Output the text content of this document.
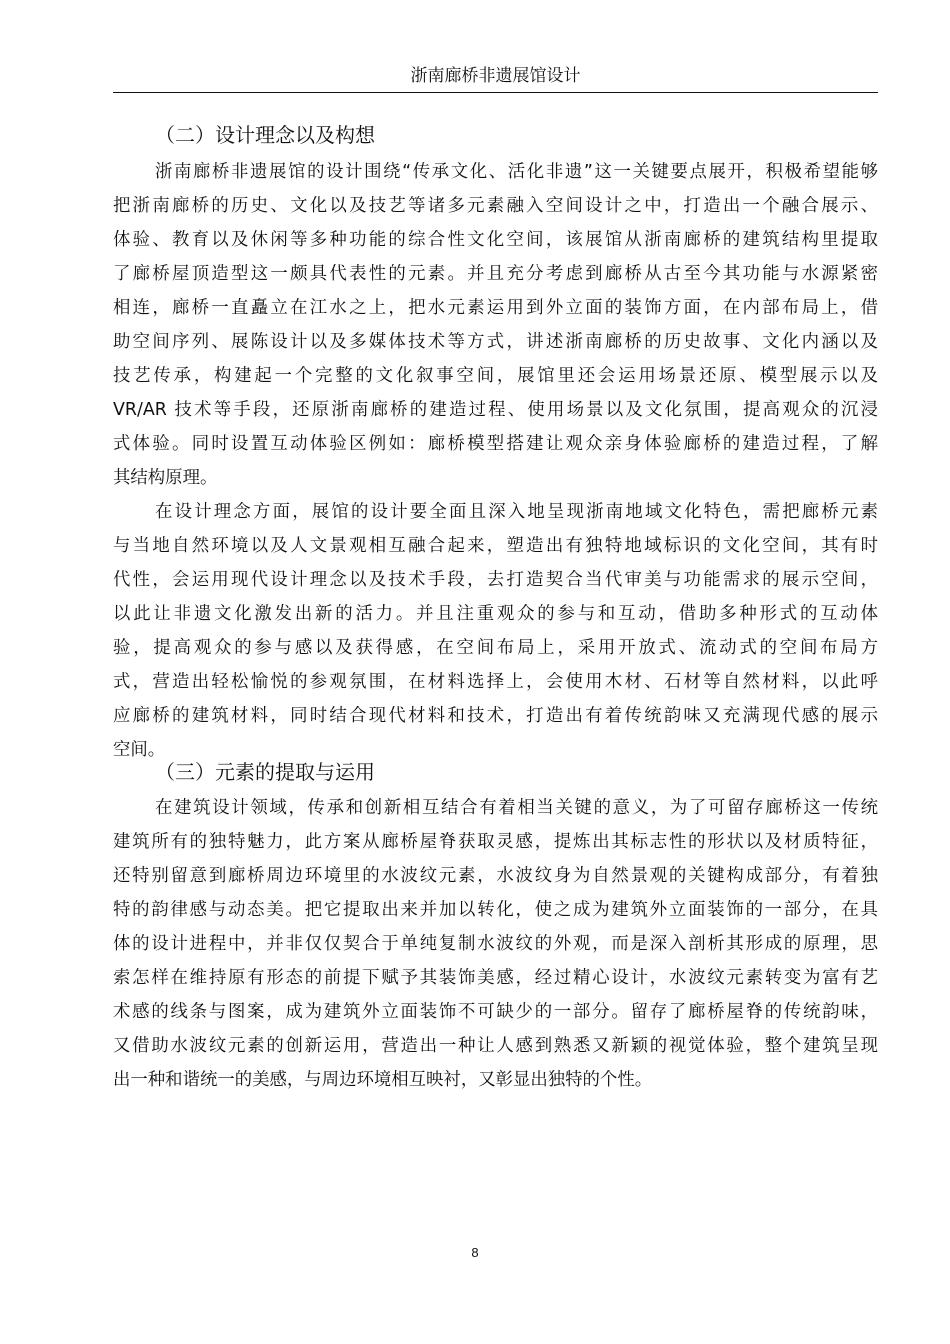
浙南廊桥非遗展馆设计
（二）设计理念以及构想
浙南廊桥非遗展馆的设计围绕“传承文化、活化非遗”这一关键要点展开，积极希望能够
把浙南廊桥的历史、文化以及技艺等诸多元素融入空间设计之中，打造出一个融合展示、
体验、教育以及休闲等多种功能的综合性文化空间，该展馆从浙南廊桥的建筑结构里提取
了廊桥屋顶造型这一颇具代表性的元素。并且充分考虑到廊桥从古至今其功能与水源紧密
相连，廊桥一直矗立在江水之上，把水元素运用到外立面的装饰方面，在内部布局上，借
助空间序列、展陈设计以及多媒体技术等方式，讲述浙南廊桥的历史故事、文化内涵以及
技艺传承，构建起一个完整的文化叙事空间，展馆里还会运用场景还原、模型展示以及
VR/AR 技术等手段，还原浙南廊桥的建造过程、使用场景以及文化氛围，提高观众的沉浸
式体验。同时设置互动体验区例如：廊桥模型搭建让观众亲身体验廊桥的建造过程，了解
其结构原理。
在设计理念方面，展馆的设计要全面且深入地呈现浙南地域文化特色，需把廊桥元素
与当地自然环境以及人文景观相互融合起来，塑造出有独特地域标识的文化空间，其有时
代性，会运用现代设计理念以及技术手段，去打造契合当代审美与功能需求的展示空间，
以此让非遗文化激发出新的活力。并且注重观众的参与和互动，借助多种形式的互动体
验，提高观众的参与感以及获得感，在空间布局上，采用开放式、流动式的空间布局方
式，营造出轻松愉悦的参观氛围，在材料选择上，会使用木材、石材等自然材料，以此呼
应廊桥的建筑材料，同时结合现代材料和技术，打造出有着传统韵味又充满现代感的展示
空间。
（三）元素的提取与运用
在建筑设计领域，传承和创新相互结合有着相当关键的意义，为了可留存廊桥这一传统
建筑所有的独特魅力，此方案从廊桥屋脊获取灵感，提炼出其标志性的形状以及材质特征，
还特别留意到廊桥周边环境里的水波纹元素，水波纹身为自然景观的关键构成部分，有着独
特的韵律感与动态美。把它提取出来并加以转化，使之成为建筑外立面装饰的一部分，在具
体的设计进程中，并非仅仅契合于单纯复制水波纹的外观，而是深入剖析其形成的原理，思
索怎样在维持原有形态的前提下赋予其装饰美感，经过精心设计，水波纹元素转变为富有艺
术感的线条与图案，成为建筑外立面装饰不可缺少的一部分。留存了廊桥屋脊的传统韵味，
又借助水波纹元素的创新运用，营造出一种让人感到熟悉又新颖的视觉体验，整个建筑呈现
出一种和谐统一的美感，与周边环境相互映衬，又彰显出独特的个性。
8
